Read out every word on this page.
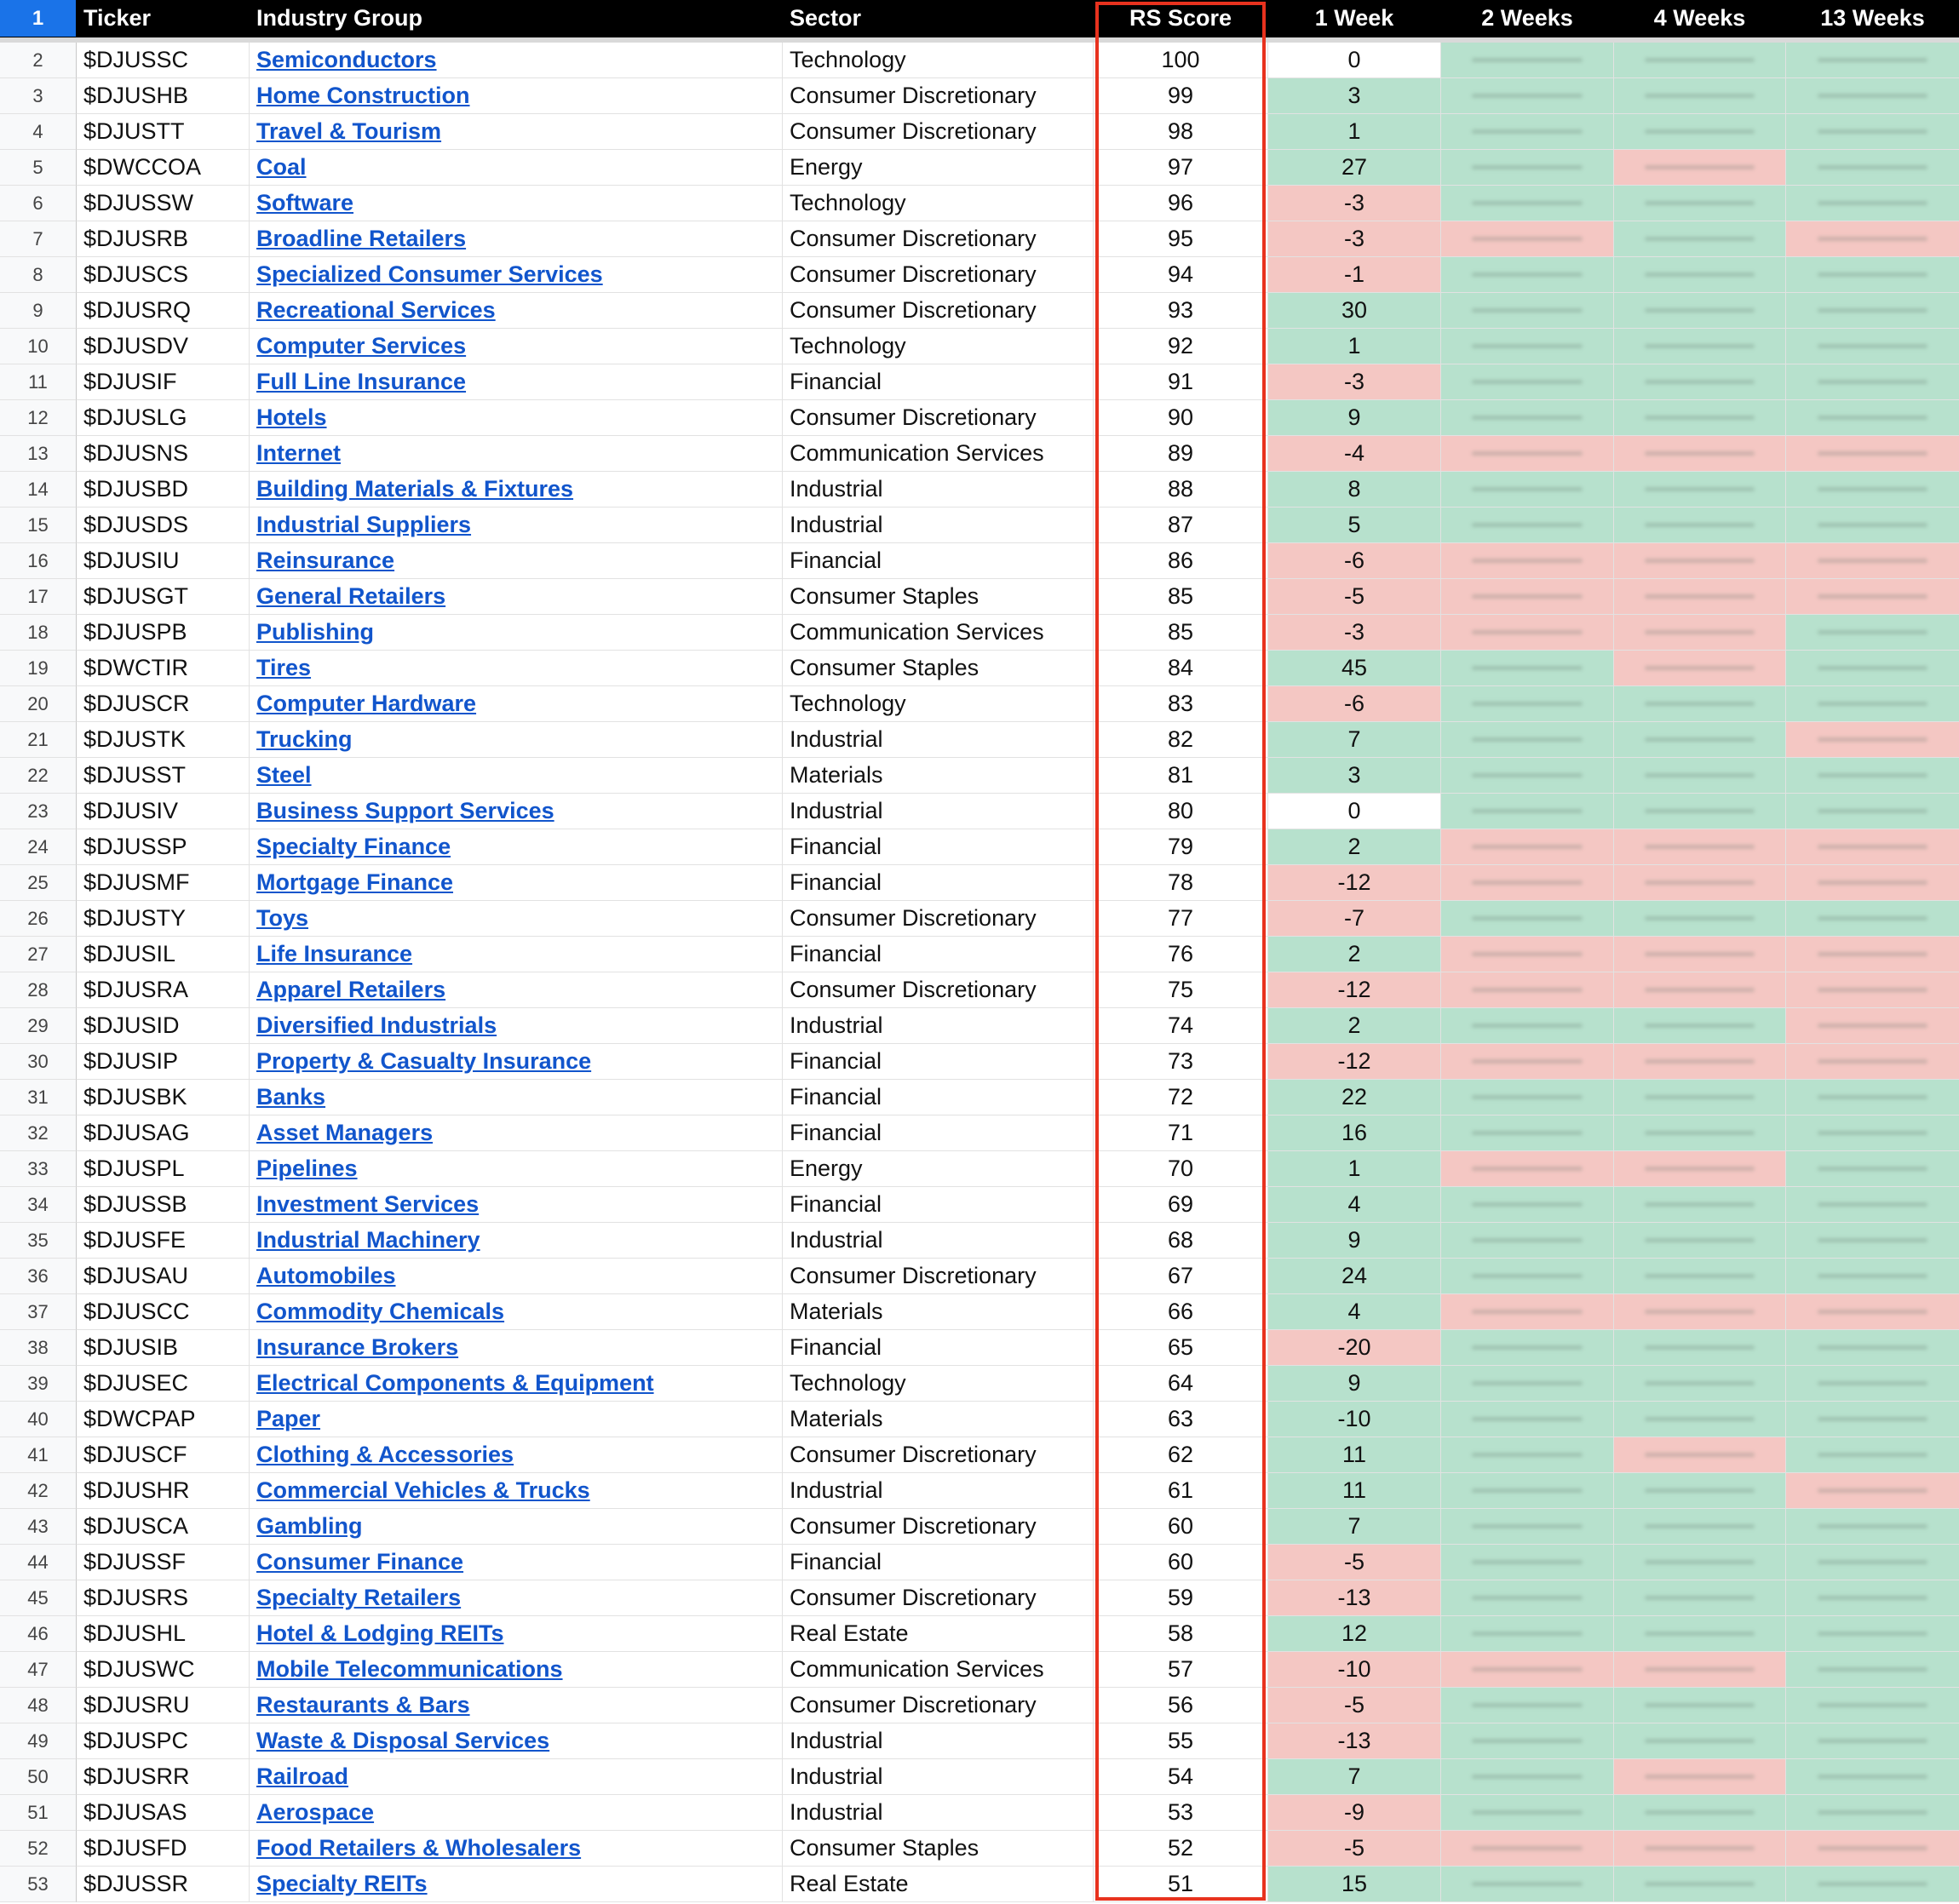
1	Ticker	Industry Group	Sector	RS Score	1 Week	2 Weeks	4 Weeks	13 Weeks
2	$DJUSSC	Semiconductors	Technology	100	0
3	$DJUSHB	Home Construction	Consumer Discretionary	99	3
4	$DJUSTT	Travel & Tourism	Consumer Discretionary	98	1
5	$DWCCOA	Coal	Energy	97	27
6	$DJUSSW	Software	Technology	96	-3
7	$DJUSRB	Broadline Retailers	Consumer Discretionary	95	-3
8	$DJUSCS	Specialized Consumer Services	Consumer Discretionary	94	-1
9	$DJUSRQ	Recreational Services	Consumer Discretionary	93	30
10	$DJUSDV	Computer Services	Technology	92	1
11	$DJUSIF	Full Line Insurance	Financial	91	-3
12	$DJUSLG	Hotels	Consumer Discretionary	90	9
13	$DJUSNS	Internet	Communication Services	89	-4
14	$DJUSBD	Building Materials & Fixtures	Industrial	88	8
15	$DJUSDS	Industrial Suppliers	Industrial	87	5
16	$DJUSIU	Reinsurance	Financial	86	-6
17	$DJUSGT	General Retailers	Consumer Staples	85	-5
18	$DJUSPB	Publishing	Communication Services	85	-3
19	$DWCTIR	Tires	Consumer Staples	84	45
20	$DJUSCR	Computer Hardware	Technology	83	-6
21	$DJUSTK	Trucking	Industrial	82	7
22	$DJUSST	Steel	Materials	81	3
23	$DJUSIV	Business Support Services	Industrial	80	0
24	$DJUSSP	Specialty Finance	Financial	79	2
25	$DJUSMF	Mortgage Finance	Financial	78	-12
26	$DJUSTY	Toys	Consumer Discretionary	77	-7
27	$DJUSIL	Life Insurance	Financial	76	2
28	$DJUSRA	Apparel Retailers	Consumer Discretionary	75	-12
29	$DJUSID	Diversified Industrials	Industrial	74	2
30	$DJUSIP	Property & Casualty Insurance	Financial	73	-12
31	$DJUSBK	Banks	Financial	72	22
32	$DJUSAG	Asset Managers	Financial	71	16
33	$DJUSPL	Pipelines	Energy	70	1
34	$DJUSSB	Investment Services	Financial	69	4
35	$DJUSFE	Industrial Machinery	Industrial	68	9
36	$DJUSAU	Automobiles	Consumer Discretionary	67	24
37	$DJUSCC	Commodity Chemicals	Materials	66	4
38	$DJUSIB	Insurance Brokers	Financial	65	-20
39	$DJUSEC	Electrical Components & Equipment	Technology	64	9
40	$DWCPAP	Paper	Materials	63	-10
41	$DJUSCF	Clothing & Accessories	Consumer Discretionary	62	11
42	$DJUSHR	Commercial Vehicles & Trucks	Industrial	61	11
43	$DJUSCA	Gambling	Consumer Discretionary	60	7
44	$DJUSSF	Consumer Finance	Financial	60	-5
45	$DJUSRS	Specialty Retailers	Consumer Discretionary	59	-13
46	$DJUSHL	Hotel & Lodging REITs	Real Estate	58	12
47	$DJUSWC	Mobile Telecommunications	Communication Services	57	-10
48	$DJUSRU	Restaurants & Bars	Consumer Discretionary	56	-5
49	$DJUSPC	Waste & Disposal Services	Industrial	55	-13
50	$DJUSRR	Railroad	Industrial	54	7
51	$DJUSAS	Aerospace	Industrial	53	-9
52	$DJUSFD	Food Retailers & Wholesalers	Consumer Staples	52	-5
53	$DJUSSR	Specialty REITs	Real Estate	51	15
